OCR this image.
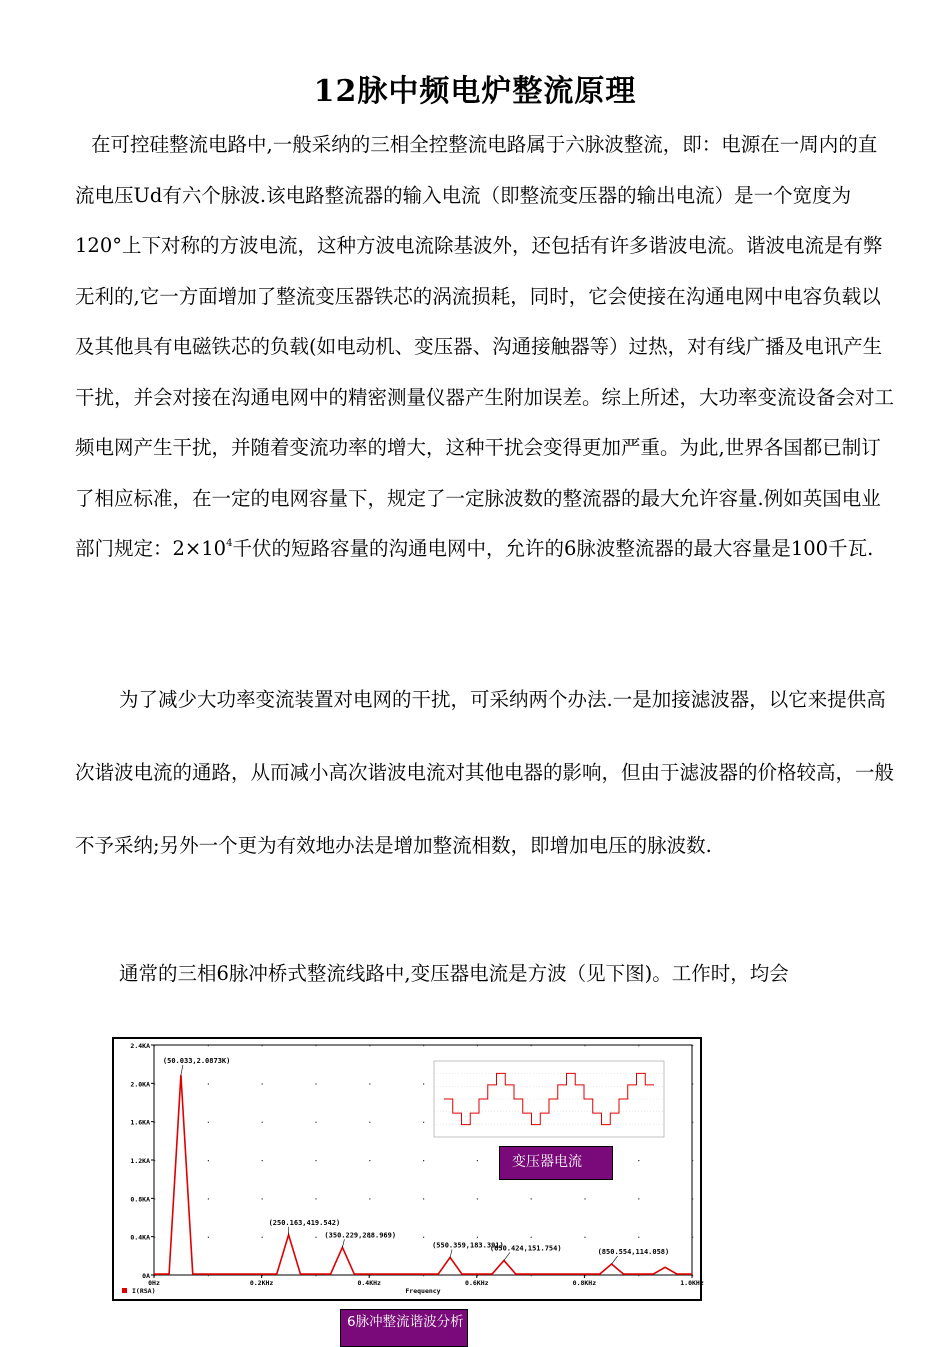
12脉中频电炉整流原理

在可控硅整流电路中,一般采纳的三相全控整流电路属于六脉波整流，即：电源在一周内的直流电压Ud有六个脉波.该电路整流器的输入电流（即整流变压器的输出电流）是一个宽度为120°上下对称的方波电流，这种方波电流除基波外，还包括有许多谐波电流。谐波电流是有弊无利的,它一方面增加了整流变压器铁芯的涡流损耗，同时，它会使接在沟通电网中电容负载以及其他具有电磁铁芯的负载(如电动机、变压器、沟通接触器等）过热，对有线广播及电讯产生干扰，并会对接在沟通电网中的精密测量仪器产生附加误差。综上所述，大功率变流设备会对工频电网产生干扰，并随着变流功率的增大，这种干扰会变得更加严重。为此,世界各国都已制订了相应标准，在一定的电网容量下，规定了一定脉波数的整流器的最大允许容量.例如英国电业部门规定：$2\times 10^4$千伏的短路容量的沟通电网中，允许的6脉波整流器的最大容量是100千瓦.

为了减少大功率变流装置对电网的干扰，可采纳两个办法.一是加接滤波器，以它来提供高次谐波电流的通路，从而减小高次谐波电流对其他电器的影响，但由于滤波器的价格较高，一般不予采纳;另外一个更为有效地办法是增加整流相数，即增加电压的脉波数.

通常的三相6脉冲桥式整流线路中,变压器电流是方波（见下图)。工作时，均会

0A
0.4KA
0.8KA
1.2KA
1.6KA
2.0KA
2.4KA
0Hz	0.2KHz	0.4KHz	0.6KHz	0.8KHz	1.0KHz
Frequency
I(RSA)
(50.033,2.0873K)
(250.163,419.542)
(350.229,288.969)
(550.359,183.391)
(650.424,151.754)	(850.554,114.058)
变压器电流
6脉冲整流谐波分析
